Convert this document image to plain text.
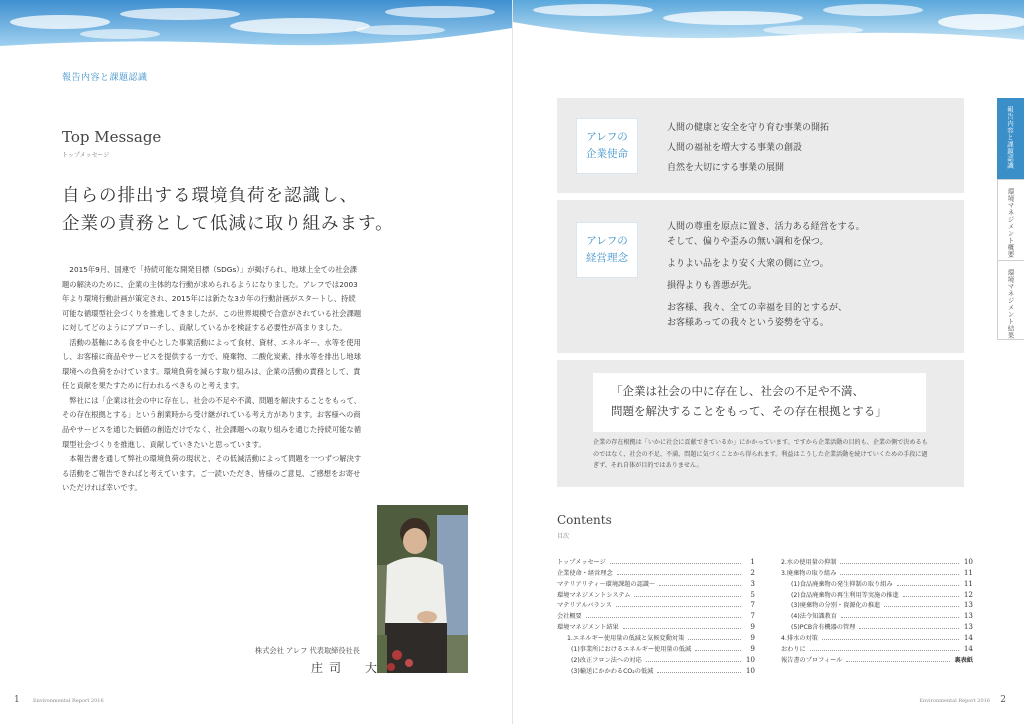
報告内容と課題認識
Top Message
トップメッセージ
自らの排出する環境負荷を認識し、
企業の責務として低減に取り組みます。

2015年9月、国連で「持続可能な開発目標（SDGs）」が掲げられ、地球上全ての社会課題の解決のために、企業の主体的な行動が求められるようになりました。アレフでは2003年より環境行動計画が策定され、2015年には新たな3カ年の行動計画がスタートし、持続可能な循環型社会づくりを推進してきましたが、この世界規模で合意がされている社会課題に対してどのようにアプローチし、貢献しているかを検証する必要性が高まりました。

活動の基軸にある食を中心とした事業活動によって食材、資材、エネルギー、水等を使用し、お客様に商品やサービスを提供する一方で、廃棄物、二酸化炭素、排水等を排出し地球環境への負荷をかけています。環境負荷を減らす取り組みは、企業の活動の責務として、責任と貢献を果たすために行われるべきものと考えます。

弊社には「企業は社会の中に存在し、社会の不足や不満、問題を解決することをもって、その存在根拠とする」という創業時から受け継がれている考え方があります。お客様への商品やサービスを通じた価値の創造だけでなく、社会課題への取り組みを通じた持続可能な循環型社会づくりを推進し、貢献していきたいと思っています。

本報告書を通して弊社の環境負荷の現状と、その低減活動によって問題を一つずつ解決する活動をご報告できればと考えています。ご一読いただき、皆様のご意見、ご感想をお寄せいただければ幸いです。

株式会社 アレフ 代表取締役社長
庄司　大
1	Environmental Report 2016
アレフの
企業使命
人間の健康と安全を守り育む事業の開拓
人間の福祉を増大する事業の創設
自然を大切にする事業の展開
アレフの
経営理念
人間の尊重を原点に置き、活力ある経営をする。
そして、偏りや歪みの無い調和を保つ。
よりよい品をより安く大衆の側に立つ。
損得よりも善悪が先。
お客様、我々、全ての幸福を目的とするが、
お客様あっての我々という姿勢を守る。
「企業は社会の中に存在し、社会の不足や不満、
問題を解決することをもって、その存在根拠とする」
企業の存在根拠は「いかに社会に貢献できているか」にかかっています。ですから企業活動の目的も、企業の側で決めるものではなく、社会の不足、不満、問題に気づくことから得られます。利益はこうした企業活動を続けていくための手段に過ぎず、それ自体が目的ではありません。
Contents
目次
トップメッセージ	1
企業使命・経営理念	2
マテリアリティ～環境課題の認識～	3
環境マネジメントシステム	5
マテリアルバランス	7
会社概要	7
環境マネジメント結果	9
1.エネルギー使用量の低減と気候変動対策	9
(1)事業所におけるエネルギー使用量の低減	9
(2)改正フロン法への対応	10
(3)輸送にかかわるCO₂の低減	10
2.水の使用量の抑制	10
3.廃棄物の取り組み	11
(1)食品廃棄物の発生抑制の取り組み	11
(2)食品廃棄物の再生利用等実施の推進	12
(3)廃棄物の分別・資源化の推進	13
(4)法令知識教育	13
(5)PCB含有機器の管理	13
4.排水の対策	14
おわりに	14
報告書のプロフィール	裏表紙
報告内容と課題認識
環境マネジメント概要
環境マネジメント結果
Environmental Report 2016 2
